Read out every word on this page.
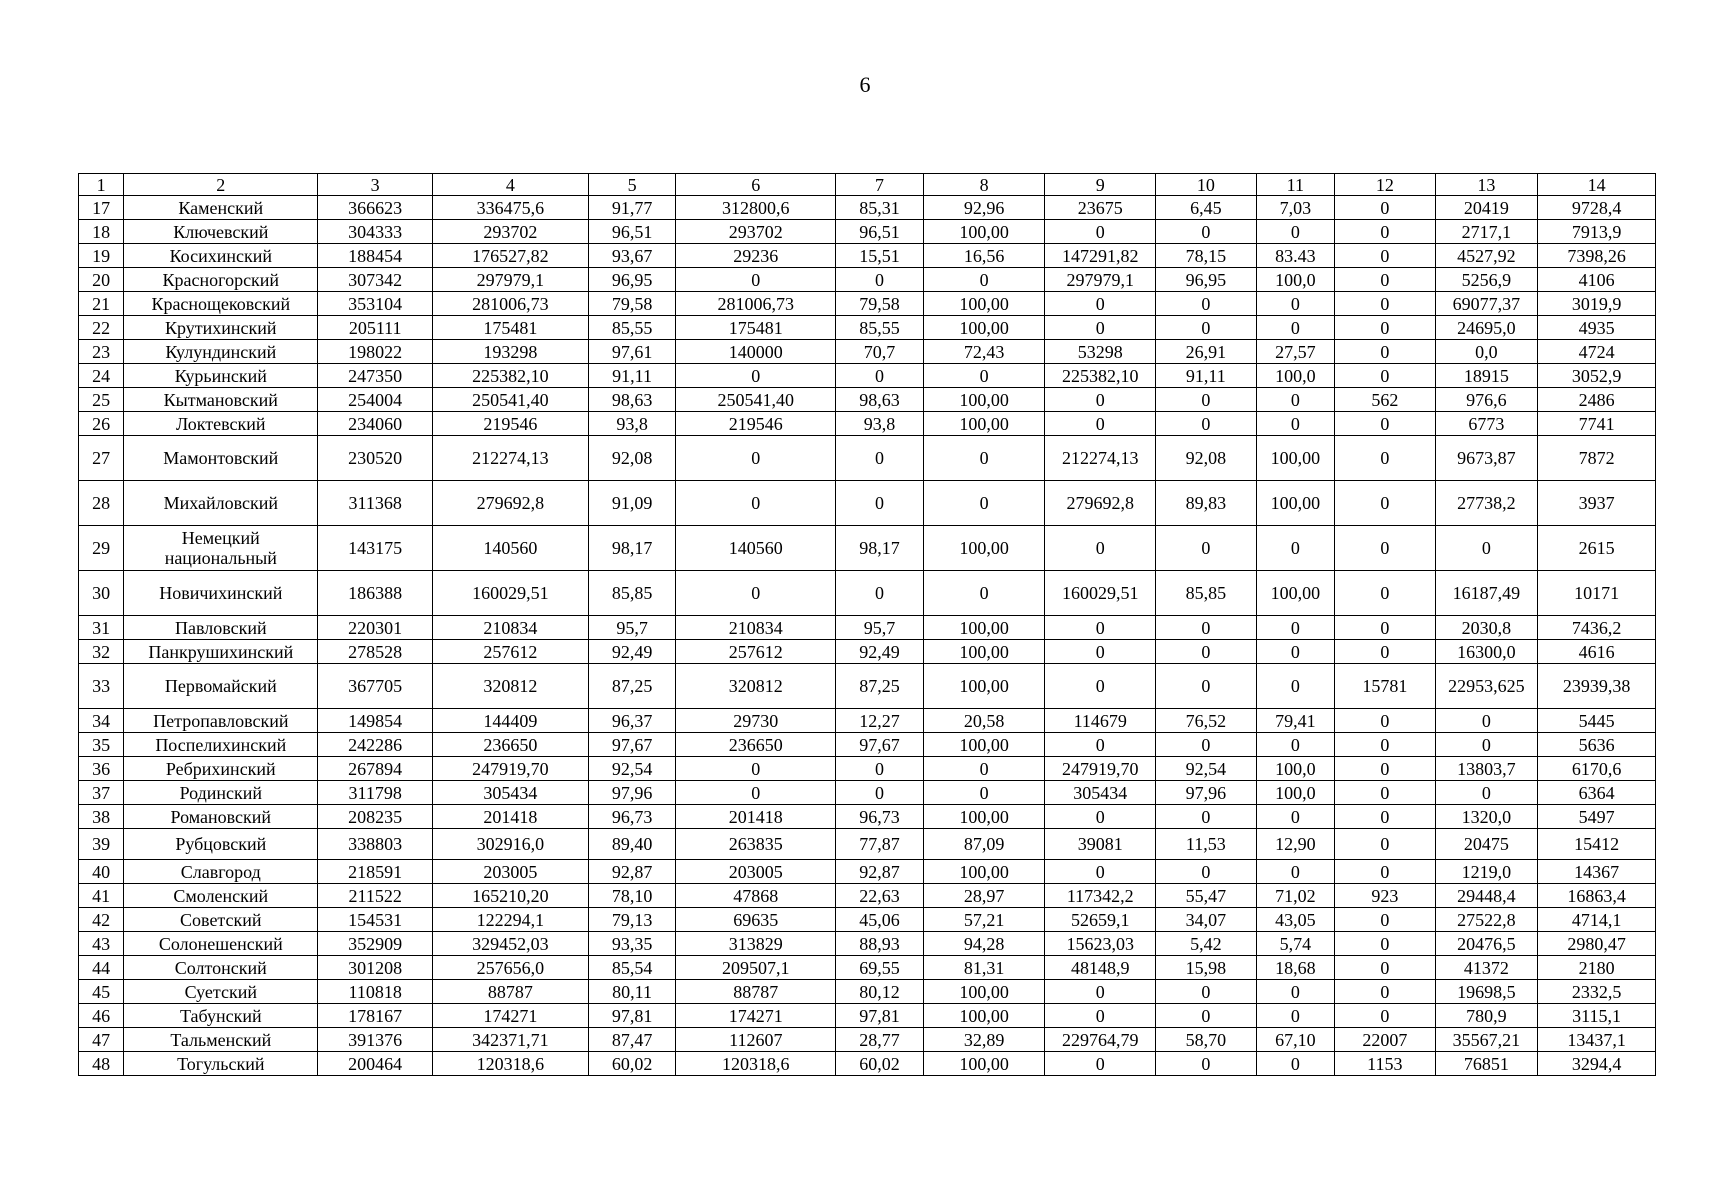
6
1	2	3	4	5	6	7	8	9	10	11	12	13	14
17	Каменский	366623	336475,6	91,77	312800,6	85,31	92,96	23675	6,45	7,03	0	20419	9728,4
18	Ключевский	304333	293702	96,51	293702	96,51	100,00	0	0	0	0	2717,1	7913,9
19	Косихинский	188454	176527,82	93,67	29236	15,51	16,56	147291,82	78,15	83.43	0	4527,92	7398,26
20	Красногорский	307342	297979,1	96,95	0	0	0	297979,1	96,95	100,0	0	5256,9	4106
21	Краснощековский	353104	281006,73	79,58	281006,73	79,58	100,00	0	0	0	0	69077,37	3019,9
22	Крутихинский	205111	175481	85,55	175481	85,55	100,00	0	0	0	0	24695,0	4935
23	Кулундинский	198022	193298	97,61	140000	70,7	72,43	53298	26,91	27,57	0	0,0	4724
24	Курьинский	247350	225382,10	91,11	0	0	0	225382,10	91,11	100,0	0	18915	3052,9
25	Кытмановский	254004	250541,40	98,63	250541,40	98,63	100,00	0	0	0	562	976,6	2486
26	Локтевский	234060	219546	93,8	219546	93,8	100,00	0	0	0	0	6773	7741
27	Мамонтовский	230520	212274,13	92,08	0	0	0	212274,13	92,08	100,00	0	9673,87	7872
28	Михайловский	311368	279692,8	91,09	0	0	0	279692,8	89,83	100,00	0	27738,2	3937
29	Немецкий национальный	143175	140560	98,17	140560	98,17	100,00	0	0	0	0	0	2615
30	Новичихинский	186388	160029,51	85,85	0	0	0	160029,51	85,85	100,00	0	16187,49	10171
31	Павловский	220301	210834	95,7	210834	95,7	100,00	0	0	0	0	2030,8	7436,2
32	Панкрушихинский	278528	257612	92,49	257612	92,49	100,00	0	0	0	0	16300,0	4616
33	Первомайский	367705	320812	87,25	320812	87,25	100,00	0	0	0	15781	22953,625	23939,38
34	Петропавловский	149854	144409	96,37	29730	12,27	20,58	114679	76,52	79,41	0	0	5445
35	Поспелихинский	242286	236650	97,67	236650	97,67	100,00	0	0	0	0	0	5636
36	Ребрихинский	267894	247919,70	92,54	0	0	0	247919,70	92,54	100,0	0	13803,7	6170,6
37	Родинский	311798	305434	97,96	0	0	0	305434	97,96	100,0	0	0	6364
38	Романовский	208235	201418	96,73	201418	96,73	100,00	0	0	0	0	1320,0	5497
39	Рубцовский	338803	302916,0	89,40	263835	77,87	87,09	39081	11,53	12,90	0	20475	15412
40	Славгород	218591	203005	92,87	203005	92,87	100,00	0	0	0	0	1219,0	14367
41	Смоленский	211522	165210,20	78,10	47868	22,63	28,97	117342,2	55,47	71,02	923	29448,4	16863,4
42	Советский	154531	122294,1	79,13	69635	45,06	57,21	52659,1	34,07	43,05	0	27522,8	4714,1
43	Солонешенский	352909	329452,03	93,35	313829	88,93	94,28	15623,03	5,42	5,74	0	20476,5	2980,47
44	Солтонский	301208	257656,0	85,54	209507,1	69,55	81,31	48148,9	15,98	18,68	0	41372	2180
45	Суетский	110818	88787	80,11	88787	80,12	100,00	0	0	0	0	19698,5	2332,5
46	Табунский	178167	174271	97,81	174271	97,81	100,00	0	0	0	0	780,9	3115,1
47	Тальменский	391376	342371,71	87,47	112607	28,77	32,89	229764,79	58,70	67,10	22007	35567,21	13437,1
48	Тогульский	200464	120318,6	60,02	120318,6	60,02	100,00	0	0	0	1153	76851	3294,4
